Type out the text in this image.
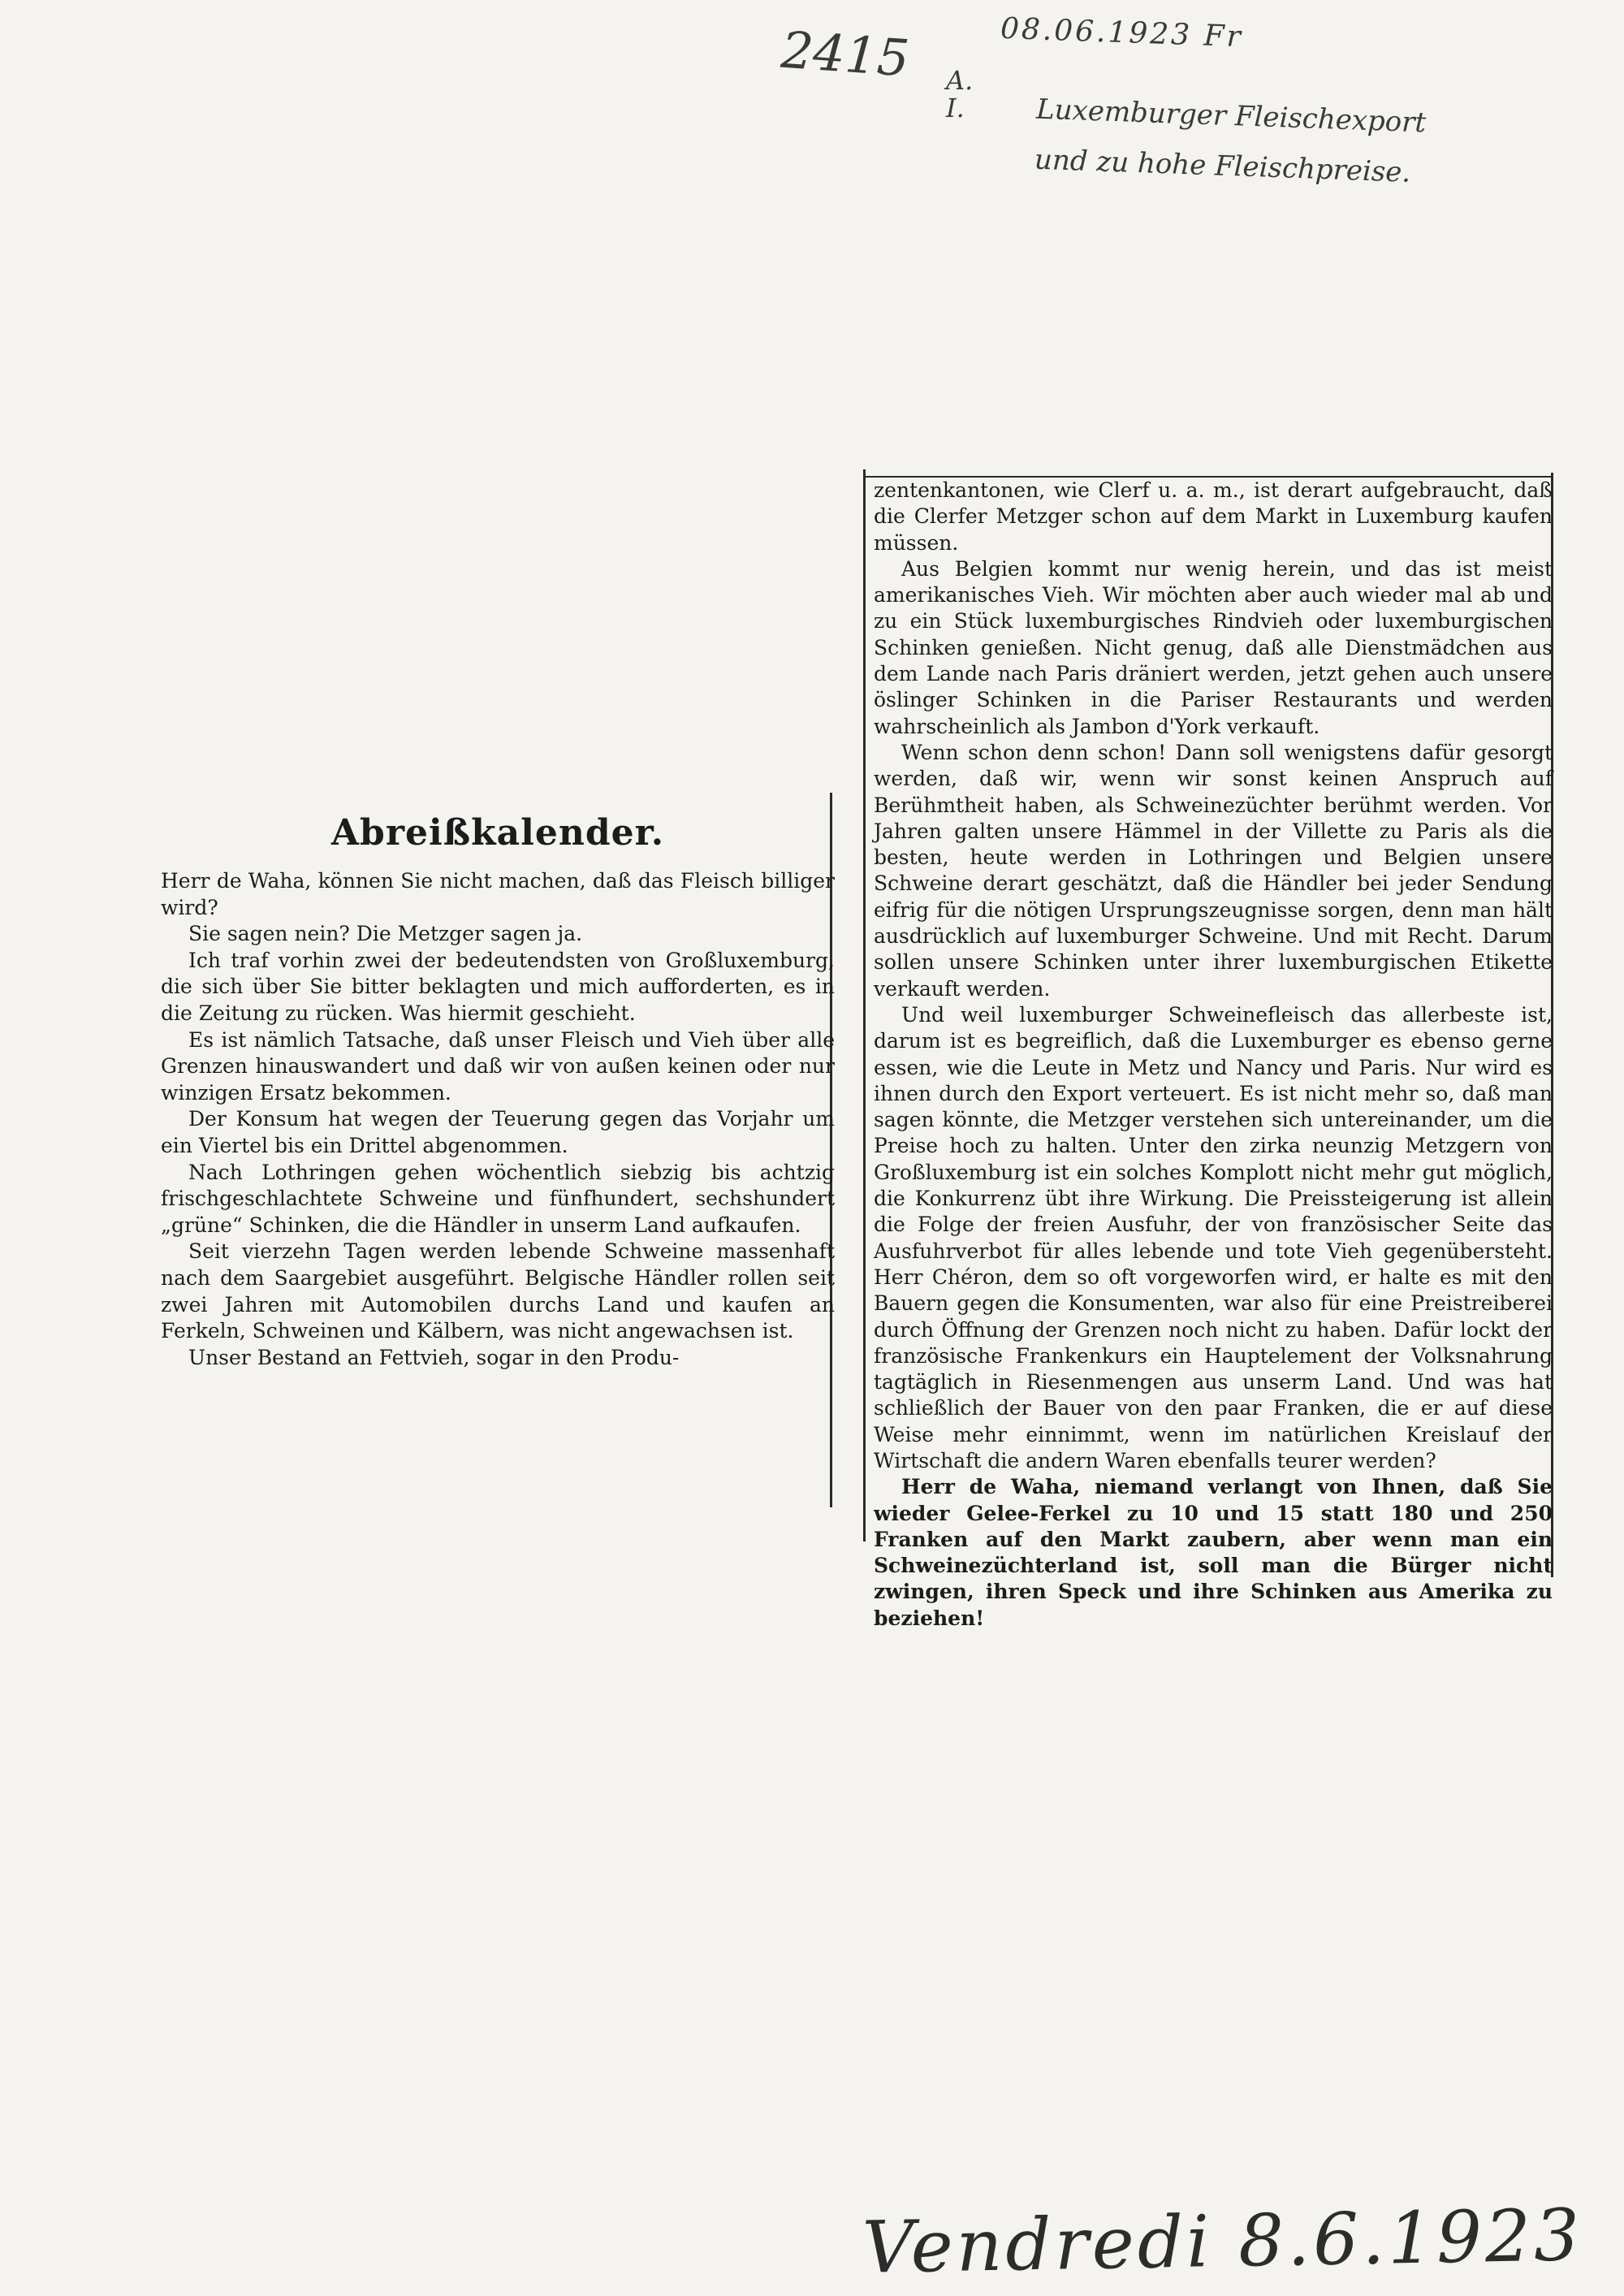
2415	08.06.1923 Fr
A.
I.	Luxemburger Fleischexport
und zu hohe Fleischpreise.
Abreißkalender.

Herr de Waha, können Sie nicht machen, daß das Fleisch billiger wird?

Sie sagen nein? Die Metzger sagen ja.

Ich traf vorhin zwei der bedeutendsten von Großluxemburg, die sich über Sie bitter beklagten und mich aufforderten, es in die Zeitung zu rücken. Was hiermit geschieht.

Es ist nämlich Tatsache, daß unser Fleisch und Vieh über alle Grenzen hinauswandert und daß wir von außen keinen oder nur winzigen Ersatz bekommen.

Der Konsum hat wegen der Teuerung gegen das Vorjahr um ein Viertel bis ein Drittel abgenommen.

Nach Lothringen gehen wöchentlich siebzig bis achtzig frischgeschlachtete Schweine und fünfhundert, sechshundert „grüne“ Schinken, die die Händler in unserm Land aufkaufen.

Seit vierzehn Tagen werden lebende Schweine massenhaft nach dem Saargebiet ausgeführt. Belgische Händler rollen seit zwei Jahren mit Automobilen durchs Land und kaufen an Ferkeln, Schweinen und Kälbern, was nicht angewachsen ist.

Unser Bestand an Fettvieh, sogar in den Produ-

zentenkantonen, wie Clerf u. a. m., ist derart aufgebraucht, daß die Clerfer Metzger schon auf dem Markt in Luxemburg kaufen müssen.

Aus Belgien kommt nur wenig herein, und das ist meist amerikanisches Vieh. Wir möchten aber auch wieder mal ab und zu ein Stück luxemburgisches Rindvieh oder luxemburgischen Schinken genießen. Nicht genug, daß alle Dienstmädchen aus dem Lande nach Paris dräniert werden, jetzt gehen auch unsere öslinger Schinken in die Pariser Restaurants und werden wahrscheinlich als Jambon d'York verkauft.

Wenn schon denn schon! Dann soll wenigstens dafür gesorgt werden, daß wir, wenn wir sonst keinen Anspruch auf Berühmtheit haben, als Schweinezüchter berühmt werden. Vor Jahren galten unsere Hämmel in der Villette zu Paris als die besten, heute werden in Lothringen und Belgien unsere Schweine derart geschätzt, daß die Händler bei jeder Sendung eifrig für die nötigen Ursprungszeugnisse sorgen, denn man hält ausdrücklich auf luxemburger Schweine. Und mit Recht. Darum sollen unsere Schinken unter ihrer luxemburgischen Etikette verkauft werden.

Und weil luxemburger Schweinefleisch das allerbeste ist, darum ist es begreiflich, daß die Luxemburger es ebenso gerne essen, wie die Leute in Metz und Nancy und Paris. Nur wird es ihnen durch den Export verteuert. Es ist nicht mehr so, daß man sagen könnte, die Metzger verstehen sich untereinander, um die Preise hoch zu halten. Unter den zirka neunzig Metzgern von Großluxemburg ist ein solches Komplott nicht mehr gut möglich, die Konkurrenz übt ihre Wirkung. Die Preissteigerung ist allein die Folge der freien Ausfuhr, der von französischer Seite das Ausfuhrverbot für alles lebende und tote Vieh gegenübersteht. Herr Chéron, dem so oft vorgeworfen wird, er halte es mit den Bauern gegen die Konsumenten, war also für eine Preistreiberei durch Öffnung der Grenzen noch nicht zu haben. Dafür lockt der französische Frankenkurs ein Hauptelement der Volksnahrung tagtäglich in Riesenmengen aus unserm Land. Und was hat schließlich der Bauer von den paar Franken, die er auf diese Weise mehr einnimmt, wenn im natürlichen Kreislauf der Wirtschaft die andern Waren ebenfalls teurer werden?

Herr de Waha, niemand verlangt von Ihnen, daß Sie wieder Gelee-Ferkel zu 10 und 15 statt 180 und 250 Franken auf den Markt zaubern, aber wenn man ein Schweinezüchterland ist, soll man die Bürger nicht zwingen, ihren Speck und ihre Schinken aus Amerika zu beziehen!

Vendredi 8.6.1923
